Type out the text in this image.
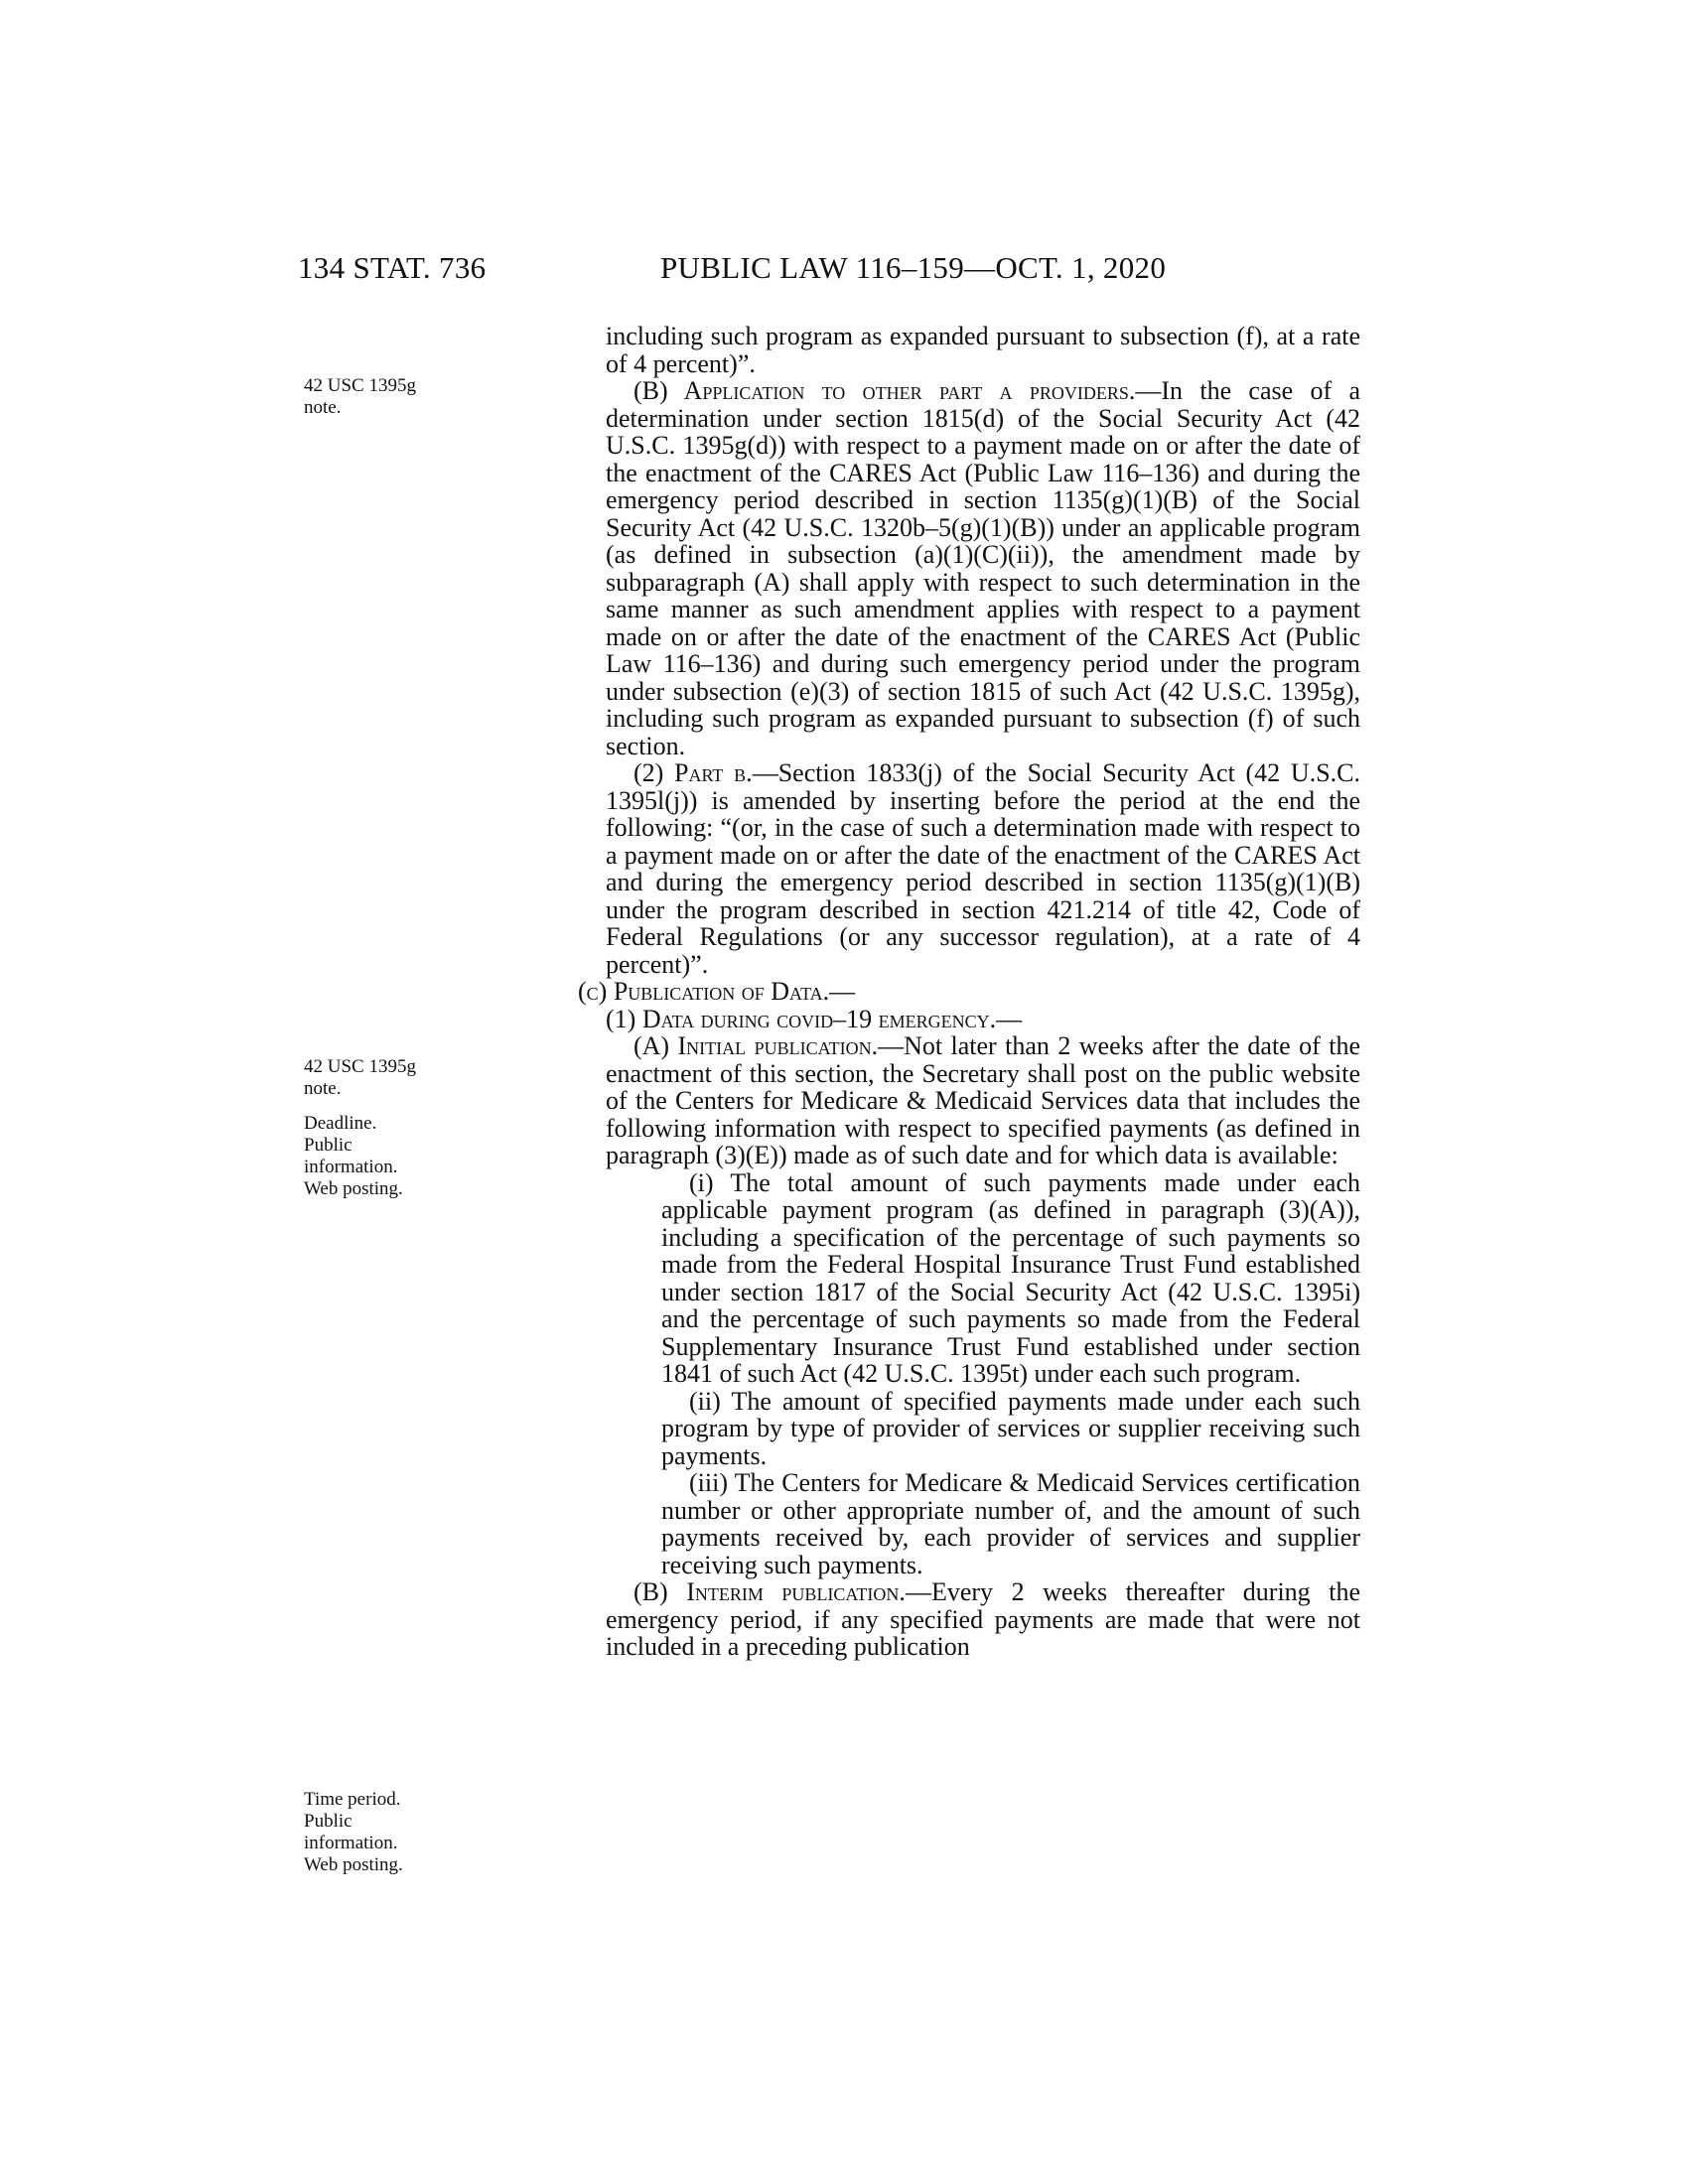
134 STAT. 736	PUBLIC LAW 116–159—OCT. 1, 2020
42 USC 1395g
note.
42 USC 1395g
note.
Deadline.
Public
information.
Web posting.
Time period.
Public
information.
Web posting.

including such program as expanded pursuant to subsection (f), at a rate of 4 percent)”.

(B) Application to other part a providers.—In the case of a determination under section 1815(d) of the Social Security Act (42 U.S.C. 1395g(d)) with respect to a payment made on or after the date of the enactment of the CARES Act (Public Law 116–136) and during the emergency period described in section 1135(g)(1)(B) of the Social Security Act (42 U.S.C. 1320b–5(g)(1)(B)) under an applicable program (as defined in subsection (a)(1)(C)(ii)), the amendment made by subparagraph (A) shall apply with respect to such determination in the same manner as such amendment applies with respect to a payment made on or after the date of the enactment of the CARES Act (Public Law 116–136) and during such emergency period under the program under subsection (e)(3) of section 1815 of such Act (42 U.S.C. 1395g), including such program as expanded pursuant to subsection (f) of such section.

(2) Part b.—Section 1833(j) of the Social Security Act (42 U.S.C. 1395l(j)) is amended by inserting before the period at the end the following: “(or, in the case of such a determination made with respect to a payment made on or after the date of the enactment of the CARES Act and during the emergency period described in section 1135(g)(1)(B) under the program described in section 421.214 of title 42, Code of Federal Regulations (or any successor regulation), at a rate of 4 percent)”.

(c) Publication of Data.—

(1) Data during covid–19 emergency.—

(A) Initial publication.—Not later than 2 weeks after the date of the enactment of this section, the Secretary shall post on the public website of the Centers for Medicare & Medicaid Services data that includes the following information with respect to specified payments (as defined in paragraph (3)(E)) made as of such date and for which data is available:

(i) The total amount of such payments made under each applicable payment program (as defined in paragraph (3)(A)), including a specification of the percentage of such payments so made from the Federal Hospital Insurance Trust Fund established under section 1817 of the Social Security Act (42 U.S.C. 1395i) and the percentage of such payments so made from the Federal Supplementary Insurance Trust Fund established under section 1841 of such Act (42 U.S.C. 1395t) under each such program.

(ii) The amount of specified payments made under each such program by type of provider of services or supplier receiving such payments.

(iii) The Centers for Medicare & Medicaid Services certification number or other appropriate number of, and the amount of such payments received by, each provider of services and supplier receiving such payments.

(B) Interim publication.—Every 2 weeks thereafter during the emergency period, if any specified payments are made that were not included in a preceding publication
